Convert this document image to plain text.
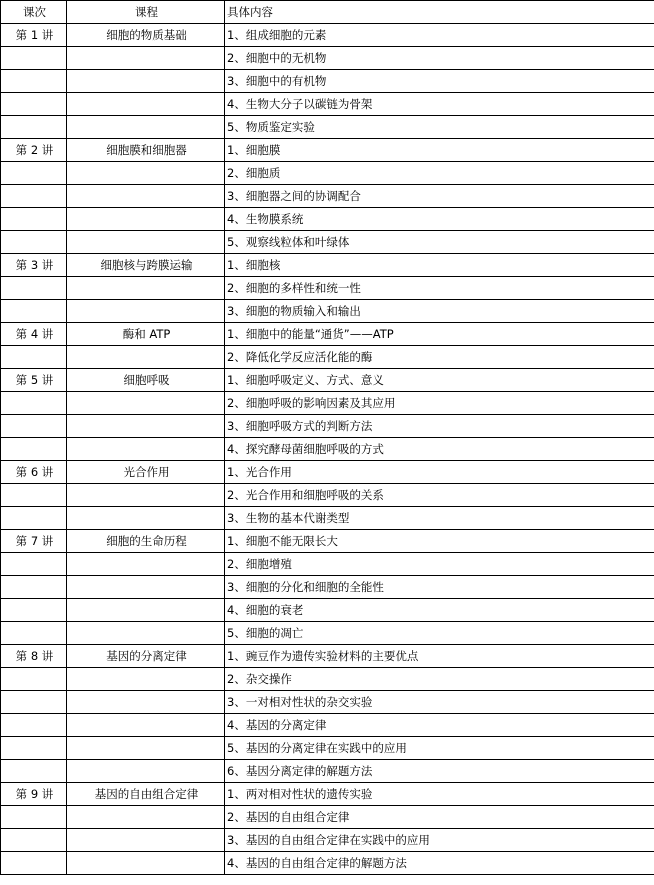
课次	课程	具体内容
第 1 讲	细胞的物质基础	1、组成细胞的元素
		2、细胞中的无机物
		3、细胞中的有机物
		4、生物大分子以碳链为骨架
		5、物质鉴定实验
第 2 讲	细胞膜和细胞器	1、细胞膜
		2、细胞质
		3、细胞器之间的协调配合
		4、生物膜系统
		5、观察线粒体和叶绿体
第 3 讲	细胞核与跨膜运输	1、细胞核
		2、细胞的多样性和统一性
		3、细胞的物质输入和输出
第 4 讲	酶和 ATP	1、细胞中的能量“通货”——ATP
		2、降低化学反应活化能的酶
第 5 讲	细胞呼吸	1、细胞呼吸定义、方式、意义
		2、细胞呼吸的影响因素及其应用
		3、细胞呼吸方式的判断方法
		4、探究酵母菌细胞呼吸的方式
第 6 讲	光合作用	1、光合作用
		2、光合作用和细胞呼吸的关系
		3、生物的基本代谢类型
第 7 讲	细胞的生命历程	1、细胞不能无限长大
		2、细胞增殖
		3、细胞的分化和细胞的全能性
		4、细胞的衰老
		5、细胞的凋亡
第 8 讲	基因的分离定律	1、豌豆作为遗传实验材料的主要优点
		2、杂交操作
		3、一对相对性状的杂交实验
		4、基因的分离定律
		5、基因的分离定律在实践中的应用
		6、基因分离定律的解题方法
第 9 讲	基因的自由组合定律	1、两对相对性状的遗传实验
		2、基因的自由组合定律
		3、基因的自由组合定律在实践中的应用
		4、基因的自由组合定律的解题方法
